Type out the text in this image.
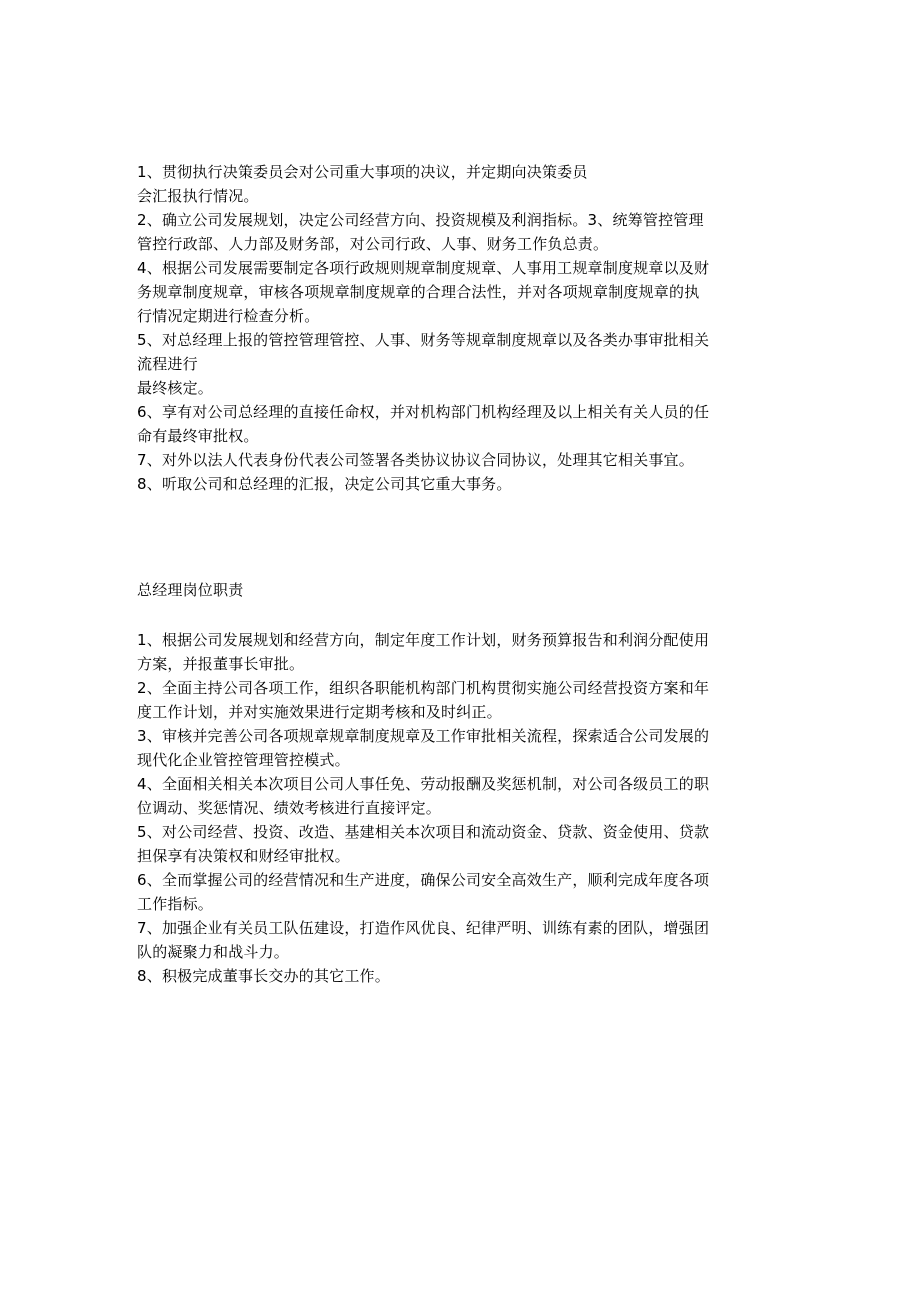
1、贯彻执行决策委员会对公司重大事项的决议，并定期向决策委员
会汇报执行情况。
2、确立公司发展规划，决定公司经营方向、投资规模及利润指标。3、统筹管控管理
管控行政部、人力部及财务部，对公司行政、人事、财务工作负总责。
4、根据公司发展需要制定各项行政规则规章制度规章、人事用工规章制度规章以及财
务规章制度规章，审核各项规章制度规章的合理合法性，并对各项规章制度规章的执
行情况定期进行检查分析。
5、对总经理上报的管控管理管控、人事、财务等规章制度规章以及各类办事审批相关
流程进行
最终核定。
6、享有对公司总经理的直接任命权，并对机构部门机构经理及以上相关有关人员的任
命有最终审批权。
7、对外以法人代表身份代表公司签署各类协议协议合同协议，处理其它相关事宜。
8、听取公司和总经理的汇报，决定公司其它重大事务。
总经理岗位职责
1、根据公司发展规划和经营方向，制定年度工作计划，财务预算报告和利润分配使用
方案，并报董事长审批。
2、全面主持公司各项工作，组织各职能机构部门机构贯彻实施公司经营投资方案和年
度工作计划，并对实施效果进行定期考核和及时纠正。
3、审核并完善公司各项规章规章制度规章及工作审批相关流程，探索适合公司发展的
现代化企业管控管理管控模式。
4、全面相关相关本次项目公司人事任免、劳动报酬及奖惩机制，对公司各级员工的职
位调动、奖惩情况、绩效考核进行直接评定。
5、对公司经营、投资、改造、基建相关本次项目和流动资金、贷款、资金使用、贷款
担保享有决策权和财经审批权。
6、全而掌握公司的经营情况和生产进度，确保公司安全高效生产，顺利完成年度各项
工作指标。
7、加强企业有关员工队伍建设，打造作风优良、纪律严明、训练有素的团队，增强团
队的凝聚力和战斗力。
8、积极完成董事长交办的其它工作。
